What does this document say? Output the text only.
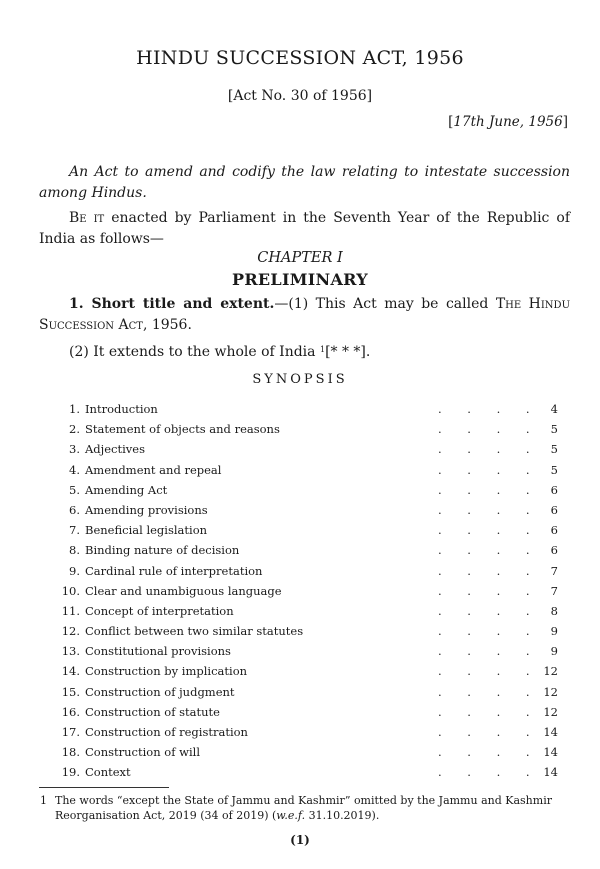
HINDU SUCCESSION ACT, 1956
[Act No. 30 of 1956]
[17th June, 1956]
An Act to amend and codify the law relating to intestate succession among Hindus.
Be it enacted by Parliament in the Seventh Year of the Republic of India as follows—
CHAPTER I
PRELIMINARY
1. Short title and extent.—(1) This Act may be called The Hindu Succession Act, 1956.
(2) It extends to the whole of India $^1$[* * *].
SYNOPSIS
1. Introduction	. . . . 4
2. Statement of objects and reasons	. . . . 5
3. Adjectives	. . . . 5
4. Amendment and repeal	. . . . 5
5. Amending Act	. . . . 6
6. Amending provisions	. . . . 6
7. Beneficial legislation	. . . . 6
8. Binding nature of decision	. . . . 6
9. Cardinal rule of interpretation	. . . . 7
10. Clear and unambiguous language	. . . . 7
11. Concept of interpretation	. . . . 8
12. Conflict between two similar statutes	. . . . 9
13. Constitutional provisions	. . . . 9
14. Construction by implication	. . . . 12
15. Construction of judgment	. . . . 12
16. Construction of statute	. . . . 12
17. Construction of registration	. . . . 14
18. Construction of will	. . . . 14
19. Context	. . . . 14
1 The words “except the State of Jammu and Kashmir” omitted by the Jammu and Kashmir Reorganisation Act, 2019 (34 of 2019) (w.e.f. 31.10.2019).
(1)
